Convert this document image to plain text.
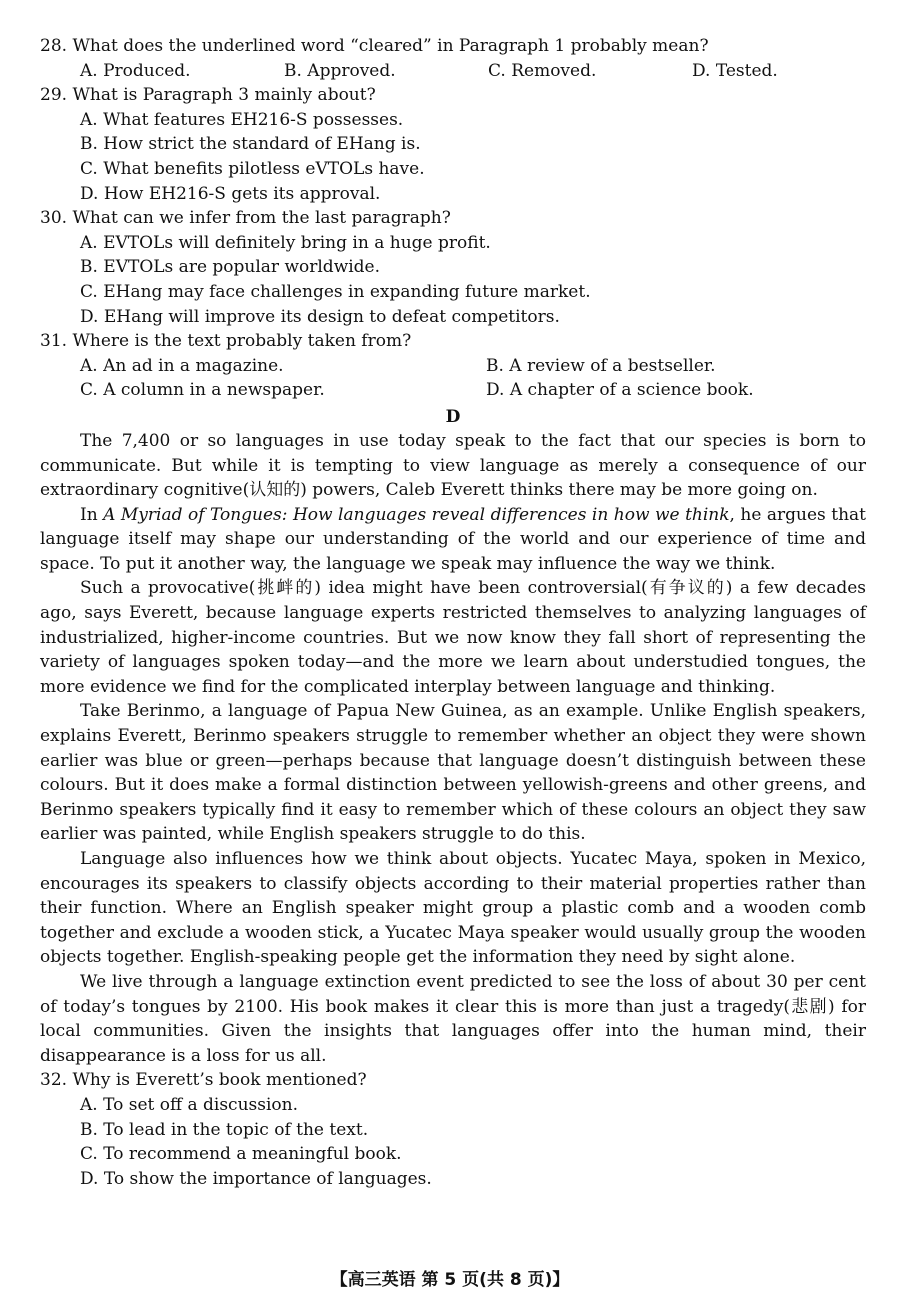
28. What does the underlined word “cleared” in Paragraph 1 probably mean?
A. Produced.	B. Approved.	C. Removed.	D. Tested.
29. What is Paragraph 3 mainly about?
A. What features EH216-S possesses.
B. How strict the standard of EHang is.
C. What benefits pilotless eVTOLs have.
D. How EH216-S gets its approval.
30. What can we infer from the last paragraph?
A. EVTOLs will definitely bring in a huge profit.
B. EVTOLs are popular worldwide.
C. EHang may face challenges in expanding future market.
D. EHang will improve its design to defeat competitors.
31. Where is the text probably taken from?
A. An ad in a magazine.	B. A review of a bestseller.
C. A column in a newspaper.	D. A chapter of a science book.
D

The 7,400 or so languages in use today speak to the fact that our species is born to communicate. But while it is tempting to view language as merely a consequence of our extraordinary cognitive(认知的) powers, Caleb Everett thinks there may be more going on.

In A Myriad of Tongues: How languages reveal differences in how we think, he argues that language itself may shape our understanding of the world and our experience of time and space. To put it another way, the language we speak may influence the way we think.

Such a provocative(挑衅的) idea might have been controversial(有争议的) a few decades ago, says Everett, because language experts restricted themselves to analyzing languages of industrialized, higher-income countries. But we now know they fall short of representing the variety of languages spoken today—and the more we learn about understudied tongues, the more evidence we find for the complicated interplay between language and thinking.

Take Berinmo, a language of Papua New Guinea, as an example. Unlike English speakers, explains Everett, Berinmo speakers struggle to remember whether an object they were shown earlier was blue or green—perhaps because that language doesn’t distinguish between these colours. But it does make a formal distinction between yellowish-greens and other greens, and Berinmo speakers typically find it easy to remember which of these colours an object they saw earlier was painted, while English speakers struggle to do this.

Language also influences how we think about objects. Yucatec Maya, spoken in Mexico, encourages its speakers to classify objects according to their material properties rather than their function. Where an English speaker might group a plastic comb and a wooden comb together and exclude a wooden stick, a Yucatec Maya speaker would usually group the wooden objects together. English-speaking people get the information they need by sight alone.

We live through a language extinction event predicted to see the loss of about 30 per cent of today’s tongues by 2100. His book makes it clear this is more than just a tragedy(悲剧) for local communities. Given the insights that languages offer into the human mind, their disappearance is a loss for us all.

32. Why is Everett’s book mentioned?
A. To set off a discussion.
B. To lead in the topic of the text.
C. To recommend a meaningful book.
D. To show the importance of languages.
【高三英语 第 5 页(共 8 页)】
